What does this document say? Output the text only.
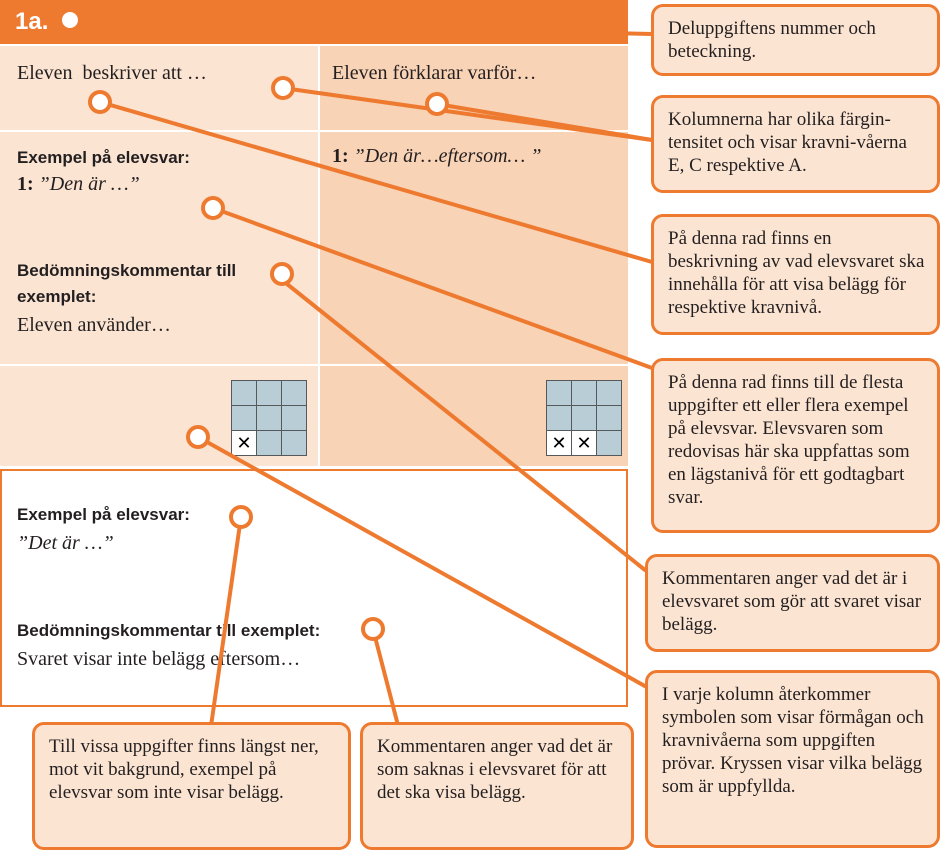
1a.
Eleven  beskriver att …	Eleven förklarar varför…
Exempel på elevsvar:
1: ”Den är …”
1: ”Den är…eftersom… ”
Bedömningskommentar till
exemplet:
Eleven använder…
✕	✕ ✕
Exempel på elevsvar:
”Det är …”
Bedömningskommentar till exemplet:
Svaret visar inte belägg eftersom…
Deluppgiftens nummer och beteckning.
Kolumnerna har olika färgin-tensitet och visar kravni-våerna E, C respektive A.
På denna rad finns en beskrivning av vad elevsvaret ska innehålla för att visa belägg för respektive kravnivå.
På denna rad finns till de flesta uppgifter ett eller flera exempel på elevsvar. Elevsvaren som redovisas här ska uppfattas som en lägstanivå för ett godtagbart svar.
Kommentaren anger vad det är i elevsvaret som gör att svaret visar belägg.
I varje kolumn återkommer symbolen som visar förmågan och kravnivåerna som uppgiften prövar. Kryssen visar vilka belägg som är uppfyllda.
Till vissa uppgifter finns längst ner, mot vit bakgrund, exempel på elevsvar som inte visar belägg.
Kommentaren anger vad det är som saknas i elevsvaret för att det ska visa belägg.
